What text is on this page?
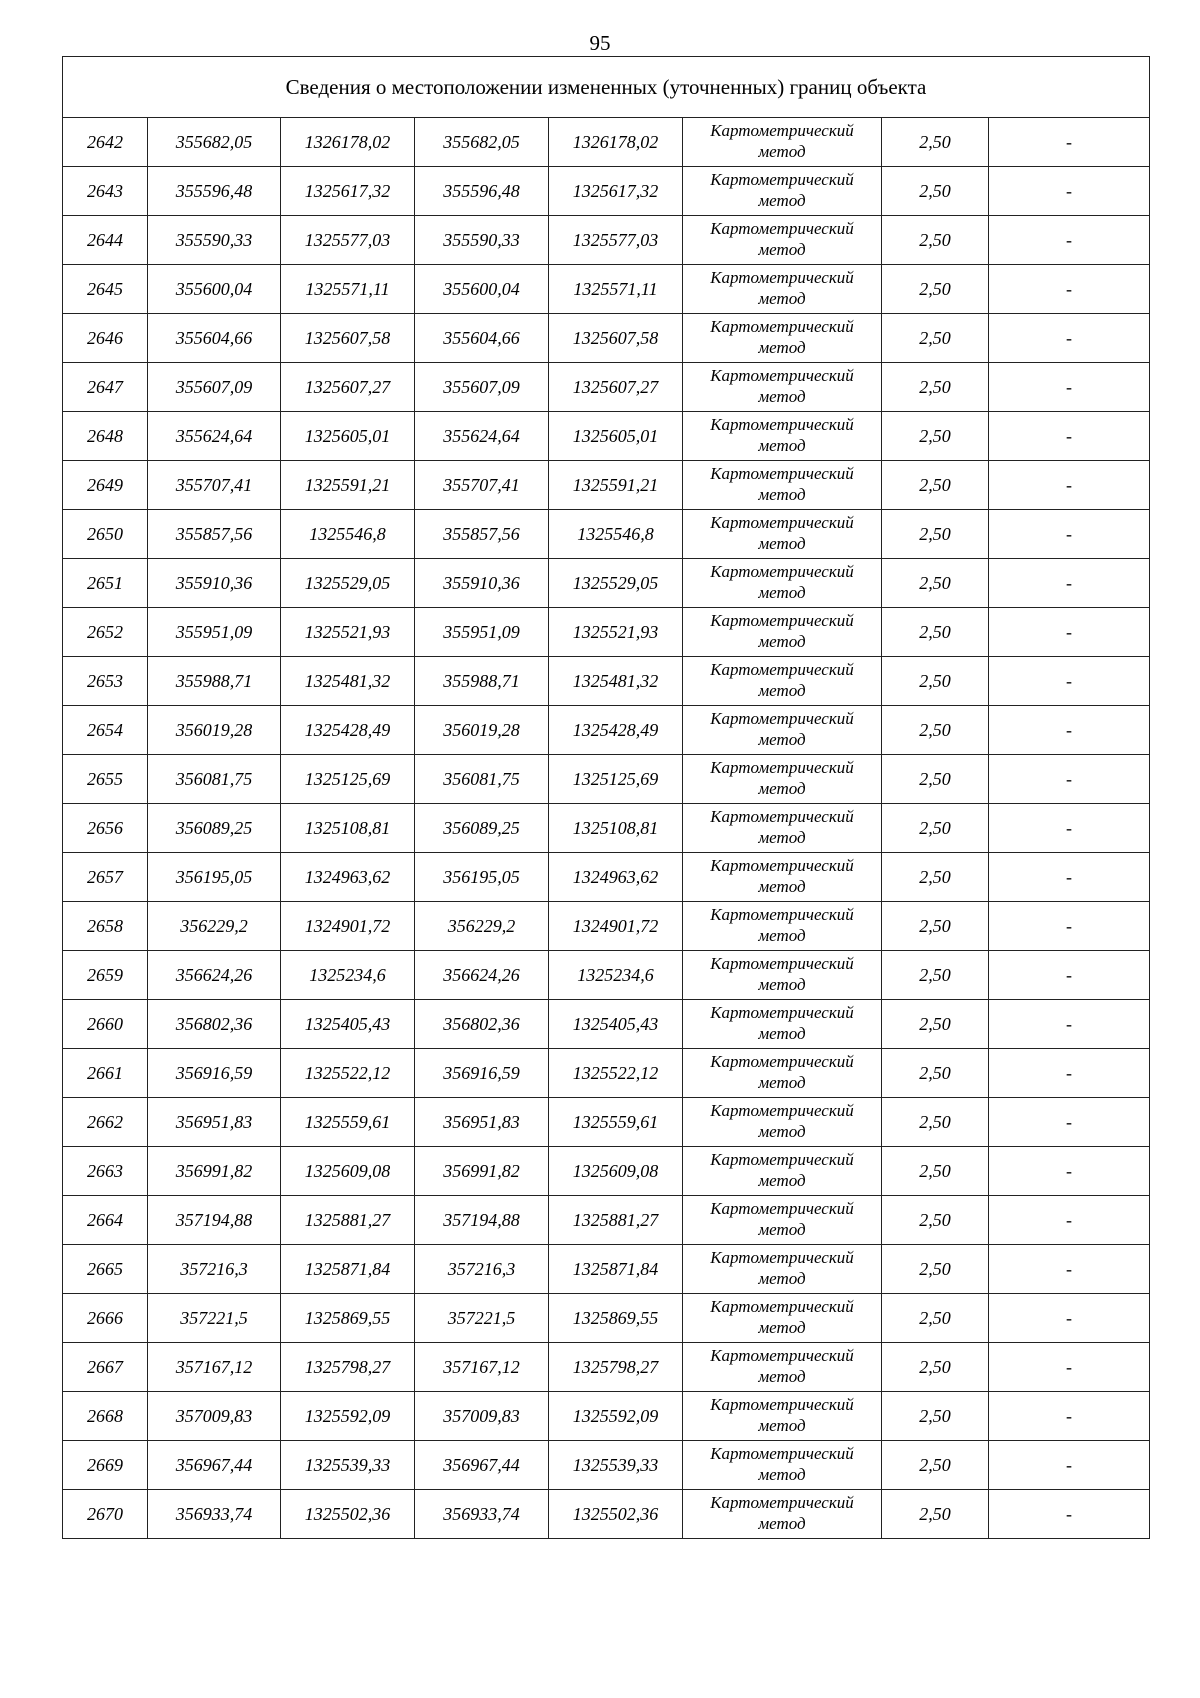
95
Сведения о местоположении измененных (уточненных) границ объекта							
2642	355682,05	1326178,02	355682,05	1326178,02	Картометрический
метод	2,50	-
2643	355596,48	1325617,32	355596,48	1325617,32	Картометрический
метод	2,50	-
2644	355590,33	1325577,03	355590,33	1325577,03	Картометрический
метод	2,50	-
2645	355600,04	1325571,11	355600,04	1325571,11	Картометрический
метод	2,50	-
2646	355604,66	1325607,58	355604,66	1325607,58	Картометрический
метод	2,50	-
2647	355607,09	1325607,27	355607,09	1325607,27	Картометрический
метод	2,50	-
2648	355624,64	1325605,01	355624,64	1325605,01	Картометрический
метод	2,50	-
2649	355707,41	1325591,21	355707,41	1325591,21	Картометрический
метод	2,50	-
2650	355857,56	1325546,8	355857,56	1325546,8	Картометрический
метод	2,50	-
2651	355910,36	1325529,05	355910,36	1325529,05	Картометрический
метод	2,50	-
2652	355951,09	1325521,93	355951,09	1325521,93	Картометрический
метод	2,50	-
2653	355988,71	1325481,32	355988,71	1325481,32	Картометрический
метод	2,50	-
2654	356019,28	1325428,49	356019,28	1325428,49	Картометрический
метод	2,50	-
2655	356081,75	1325125,69	356081,75	1325125,69	Картометрический
метод	2,50	-
2656	356089,25	1325108,81	356089,25	1325108,81	Картометрический
метод	2,50	-
2657	356195,05	1324963,62	356195,05	1324963,62	Картометрический
метод	2,50	-
2658	356229,2	1324901,72	356229,2	1324901,72	Картометрический
метод	2,50	-
2659	356624,26	1325234,6	356624,26	1325234,6	Картометрический
метод	2,50	-
2660	356802,36	1325405,43	356802,36	1325405,43	Картометрический
метод	2,50	-
2661	356916,59	1325522,12	356916,59	1325522,12	Картометрический
метод	2,50	-
2662	356951,83	1325559,61	356951,83	1325559,61	Картометрический
метод	2,50	-
2663	356991,82	1325609,08	356991,82	1325609,08	Картометрический
метод	2,50	-
2664	357194,88	1325881,27	357194,88	1325881,27	Картометрический
метод	2,50	-
2665	357216,3	1325871,84	357216,3	1325871,84	Картометрический
метод	2,50	-
2666	357221,5	1325869,55	357221,5	1325869,55	Картометрический
метод	2,50	-
2667	357167,12	1325798,27	357167,12	1325798,27	Картометрический
метод	2,50	-
2668	357009,83	1325592,09	357009,83	1325592,09	Картометрический
метод	2,50	-
2669	356967,44	1325539,33	356967,44	1325539,33	Картометрический
метод	2,50	-
2670	356933,74	1325502,36	356933,74	1325502,36	Картометрический
метод	2,50	-
